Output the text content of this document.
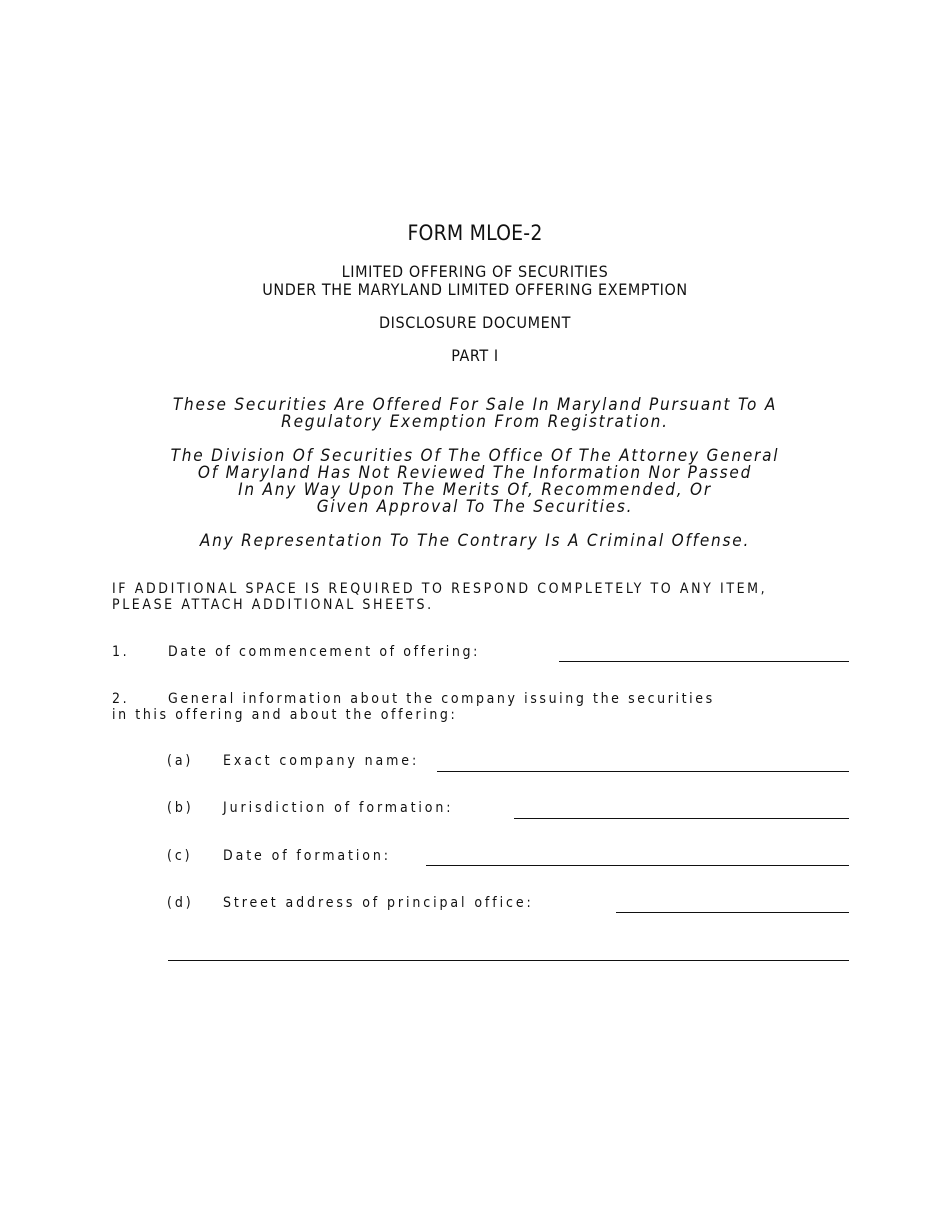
FORM MLOE-2
LIMITED OFFERING OF SECURITIES
UNDER THE MARYLAND LIMITED OFFERING EXEMPTION
DISCLOSURE DOCUMENT
PART I
These Securities Are Offered For Sale In Maryland Pursuant To A
Regulatory Exemption From Registration.
The Division Of Securities Of The Office Of The Attorney General
Of Maryland Has Not Reviewed The Information Nor Passed
In Any Way Upon The Merits Of, Recommended, Or
Given Approval To The Securities.
Any Representation To The Contrary Is A Criminal Offense.
IF ADDITIONAL SPACE IS REQUIRED TO RESPOND COMPLETELY TO ANY ITEM,
PLEASE ATTACH ADDITIONAL SHEETS.
1.	Date of commencement of offering:
2.	General information about the company issuing the securities
in this offering and about the offering:
(a) Exact company name:
(b) Jurisdiction of formation:
(c) Date of formation:
(d) Street address of principal office:
